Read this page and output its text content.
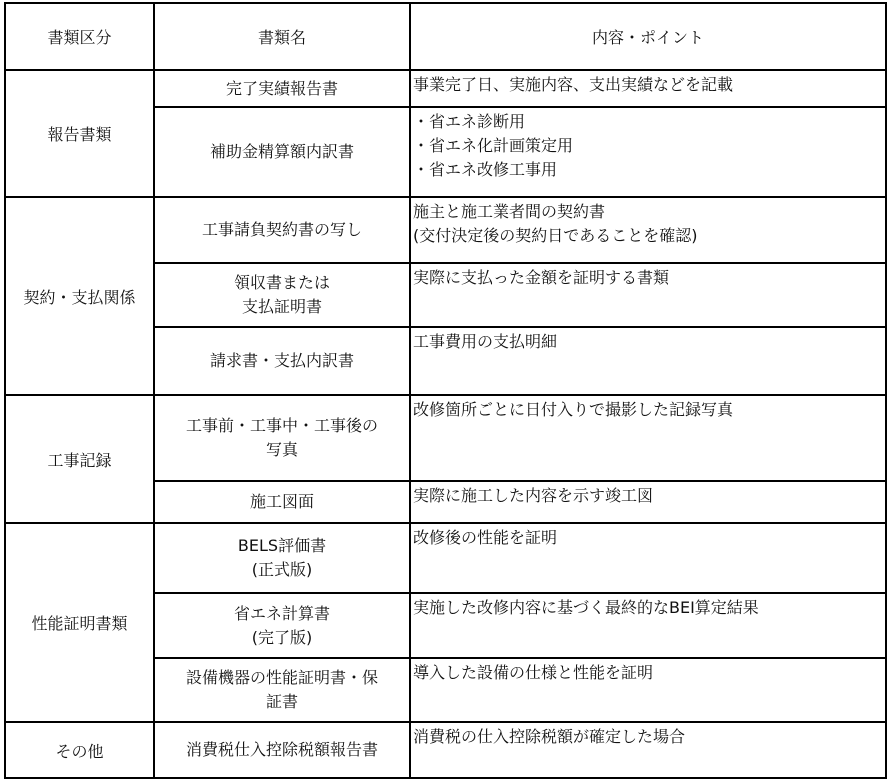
書類区分	書類名	内容・ポイント
報告書類	完了実績報告書	事業完了日、実施内容、支出実績などを記載

	補助金精算額内訳書	・省エネ診断用
・省エネ化計画策定用
・省エネ改修工事用

契約・支払関係	工事請負契約書の写し	施主と施工業者間の契約書
(交付決定後の契約日であることを確認)

	領収書または
支払証明書	実際に支払った金額を証明する書類

	請求書・支払内訳書	工事費用の支払明細

工事記録	工事前・工事中・工事後の
写真	改修箇所ごとに日付入りで撮影した記録写真

	施工図面	実際に施工した内容を示す竣工図

性能証明書類	BELS評価書
(正式版)	改修後の性能を証明

	省エネ計算書
(完了版)	実施した改修内容に基づく最終的なBEI算定結果

	設備機器の性能証明書・保
証書	導入した設備の仕様と性能を証明

その他	消費税仕入控除税額報告書	消費税の仕入控除税額が確定した場合
